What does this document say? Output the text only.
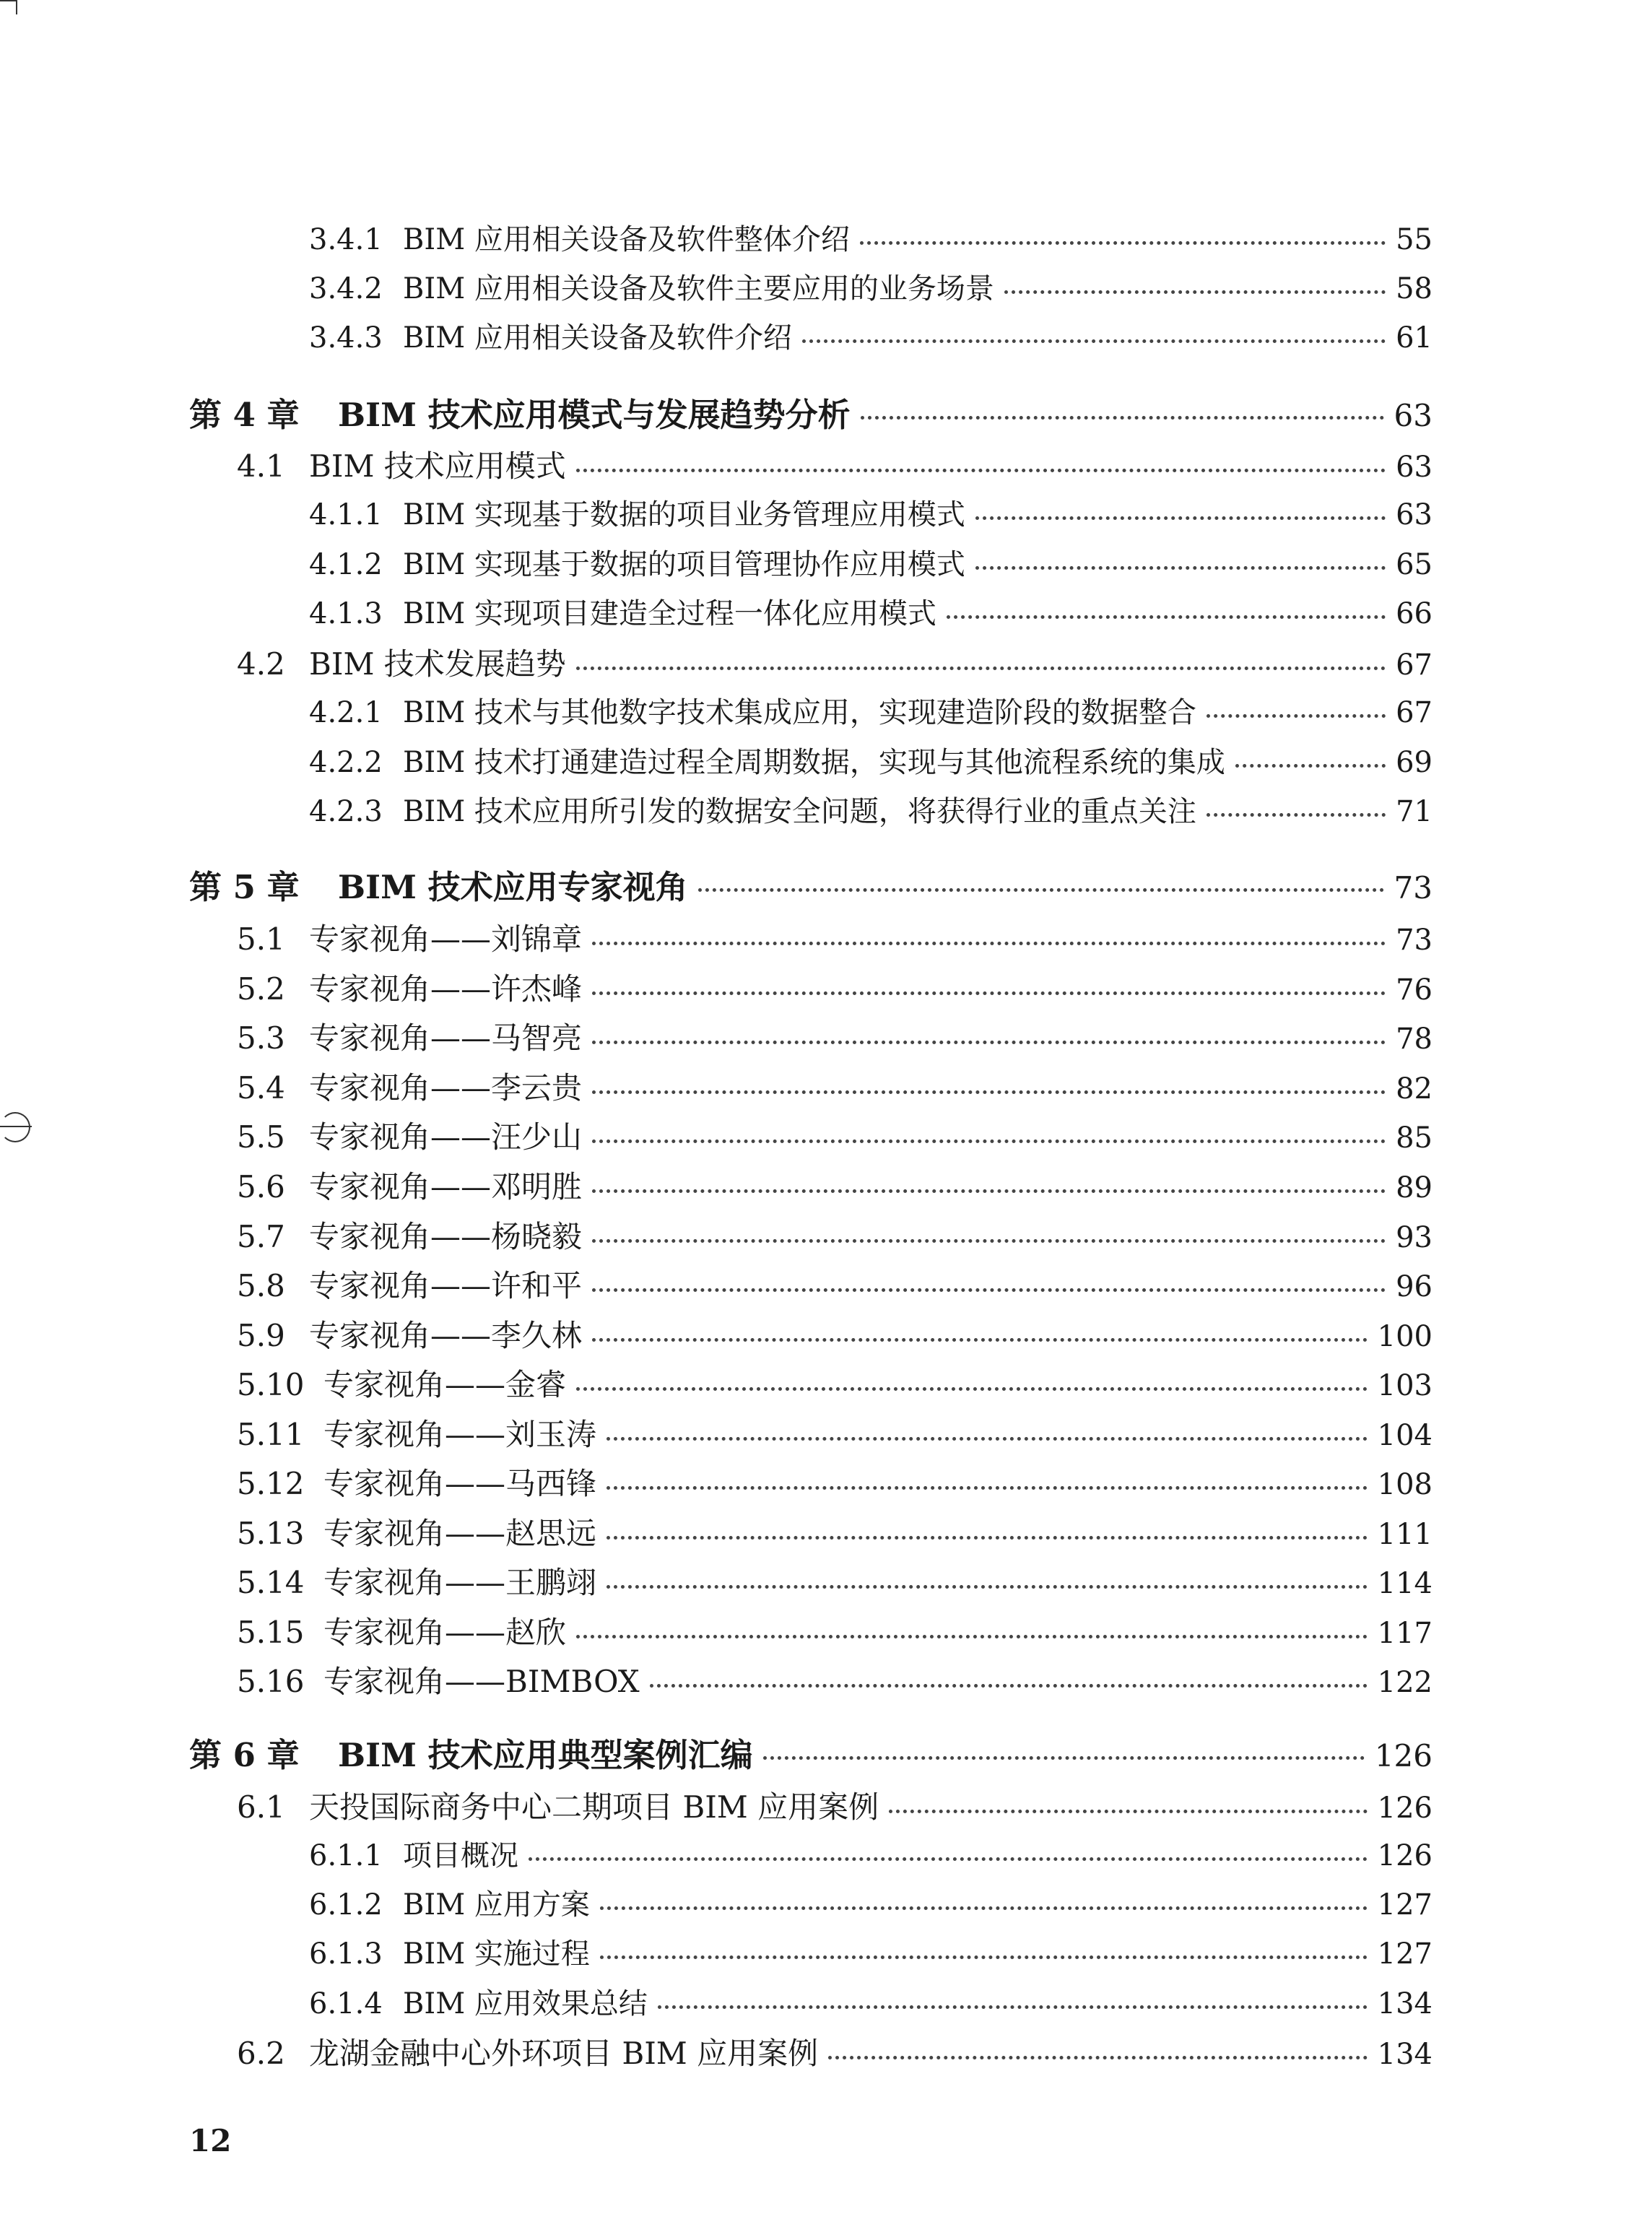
3.4.1 BIM 应用相关设备及软件整体介绍	55
3.4.2 BIM 应用相关设备及软件主要应用的业务场景	58
3.4.3 BIM 应用相关设备及软件介绍	61
第 4 章	BIM 技术应用模式与发展趋势分析	63
4.1 BIM 技术应用模式	63
4.1.1 BIM 实现基于数据的项目业务管理应用模式	63
4.1.2 BIM 实现基于数据的项目管理协作应用模式	65
4.1.3 BIM 实现项目建造全过程一体化应用模式	66
4.2 BIM 技术发展趋势	67
4.2.1 BIM 技术与其他数字技术集成应用，实现建造阶段的数据整合	67
4.2.2 BIM 技术打通建造过程全周期数据，实现与其他流程系统的集成	69
4.2.3 BIM 技术应用所引发的数据安全问题，将获得行业的重点关注	71
第 5 章	BIM 技术应用专家视角	73
5.1 专家视角——刘锦章	73
5.2 专家视角——许杰峰	76
5.3 专家视角——马智亮	78
5.4 专家视角——李云贵	82
5.5 专家视角——汪少山	85
5.6 专家视角——邓明胜	89
5.7 专家视角——杨晓毅	93
5.8 专家视角——许和平	96
5.9 专家视角——李久林	100
5.10 专家视角——金睿	103
5.11 专家视角——刘玉涛	104
5.12 专家视角——马西锋	108
5.13 专家视角——赵思远	111
5.14 专家视角——王鹏翊	114
5.15 专家视角——赵欣	117
5.16 专家视角——BIMBOX	122
第 6 章	BIM 技术应用典型案例汇编	126
6.1 天投国际商务中心二期项目 BIM 应用案例	126
6.1.1 项目概况	126
6.1.2 BIM 应用方案	127
6.1.3 BIM 实施过程	127
6.1.4 BIM 应用效果总结	134
6.2 龙湖金融中心外环项目 BIM 应用案例	134
12
